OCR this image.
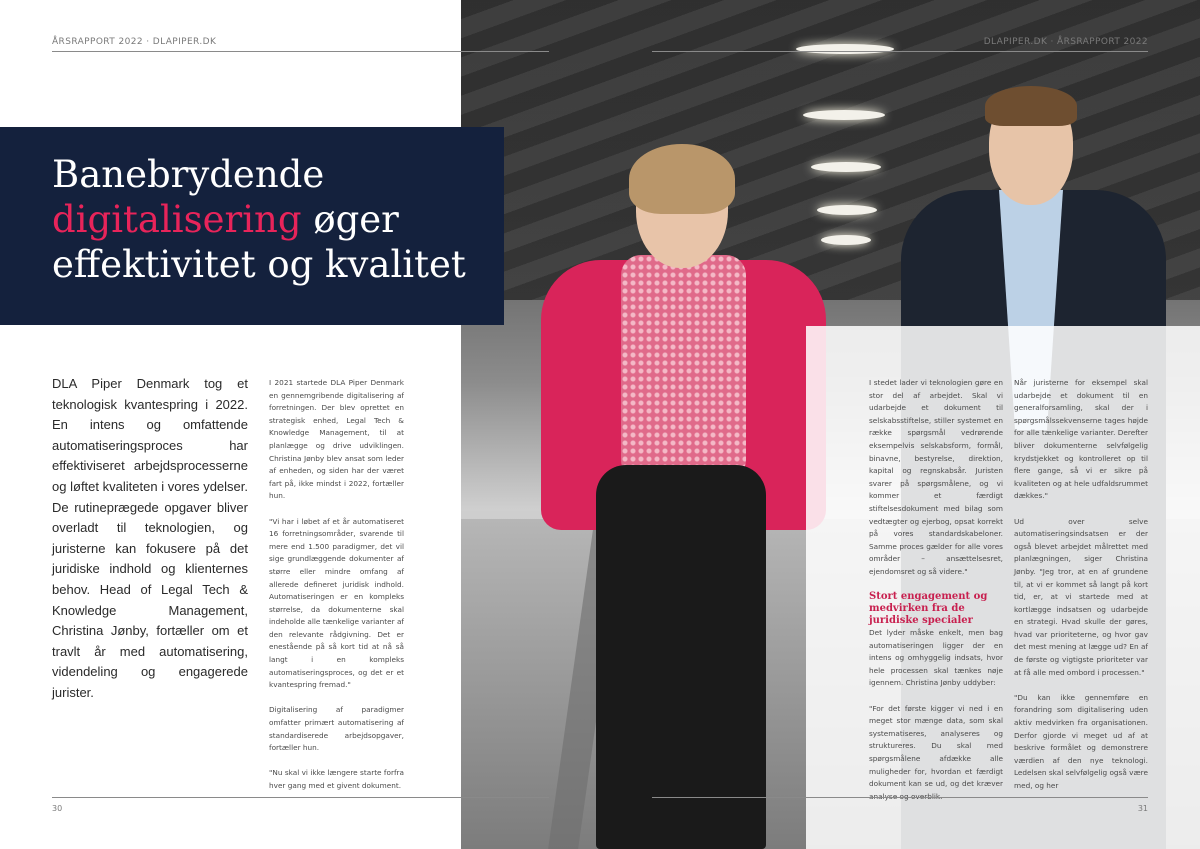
ÅRSRAPPORT 2022 · DLAPIPER.DK	DLAPIPER.DK · ÅRSRAPPORT 2022
Banebrydende
digitalisering øger
effektivitet og kvalitet

DLA Piper Denmark tog et teknologisk kvantespring i 2022. En intens og omfattende automatiseringsproces har effektiviseret arbejdsprocesserne og løftet kvaliteten i vores ydelser. De rutineprægede opgaver bliver overladt til teknologien, og juristerne kan fokusere på det juridiske indhold og klienternes behov. Head of Legal Tech & Knowledge Management, Christina Jønby, fortæller om et travlt år med automatisering, videndeling og engagerede jurister.

I 2021 startede DLA Piper Denmark en gennemgribende digitalisering af forretningen. Der blev oprettet en strategisk enhed, Legal Tech & Knowledge Management, til at planlægge og drive udviklingen. Christina Jønby blev ansat som leder af enheden, og siden har der været fart på, ikke mindst i 2022, fortæller hun.

"Vi har i løbet af et år automatiseret 16 forretningsområder, svarende til mere end 1.500 paradigmer, det vil sige grundlæggende dokumenter af større eller mindre omfang af allerede defineret juridisk indhold. Automatiseringen er en kompleks størrelse, da dokumenterne skal indeholde alle tænkelige varianter af den relevante rådgivning. Det er enestående på så kort tid at nå så langt i en kompleks automatiseringsproces, og det er et kvantespring fremad."

Digitalisering af paradigmer omfatter primært automatisering af standardiserede arbejdsopgaver, fortæller hun.

"Nu skal vi ikke længere starte forfra hver gang med et givent dokument.

I stedet lader vi teknologien gøre en stor del af arbejdet. Skal vi udarbejde et dokument til selskabsstiftelse, stiller systemet en række spørgsmål vedrørende eksempelvis selskabsform, formål, binavne, bestyrelse, direktion, kapital og regnskabsår. Juristen svarer på spørgsmålene, og vi kommer et færdigt stiftelsesdokument med bilag som vedtægter og ejerbog, opsat korrekt på vores standardskabeloner. Samme proces gælder for alle vores områder – ansættelsesret, ejendomsret og så videre."

Stort engagement og medvirken fra de juridiske specialer

Det lyder måske enkelt, men bag automatiseringen ligger der en intens og omhyggelig indsats, hvor hele processen skal tænkes nøje igennem. Christina Jønby uddyber:

"For det første kigger vi ned i en meget stor mænge data, som skal systematiseres, analyseres og struktureres. Du skal med spørgsmålene afdække alle muligheder for, hvordan et færdigt dokument kan se ud, og det kræver

Når juristerne for eksempel skal udarbejde et dokument til en generalforsamling, skal der i spørgsmålssekvenserne tages højde for alle tænkelige varianter. Derefter bliver dokumenterne selvfølgelig krydstjekket og kontrolleret op til flere gange, så vi er sikre på kvaliteten og at hele udfaldsrummet dækkes."

Ud over selve automatiseringsindsatsen er der også blevet arbejdet målrettet med planlægningen, siger Christina Jønby. "Jeg tror, at en af grundene til, at vi er kommet så langt på kort tid, er, at vi startede med at kortlægge indsatsen og udarbejde en strategi. Hvad skulle der gøres, hvad var prioriteterne, og hvor gav det mest mening at lægge ud? En af de første og vigtigste prioriteter var at få alle med ombord i processen."

"Du kan ikke gennemføre en forandring som digitalisering uden aktiv medvirken fra organisationen. Derfor gjorde vi meget ud af at beskrive formålet og demonstrere værdien af den nye teknologi. Ledelsen skal selvfølgelig også være med, og her

30	31
